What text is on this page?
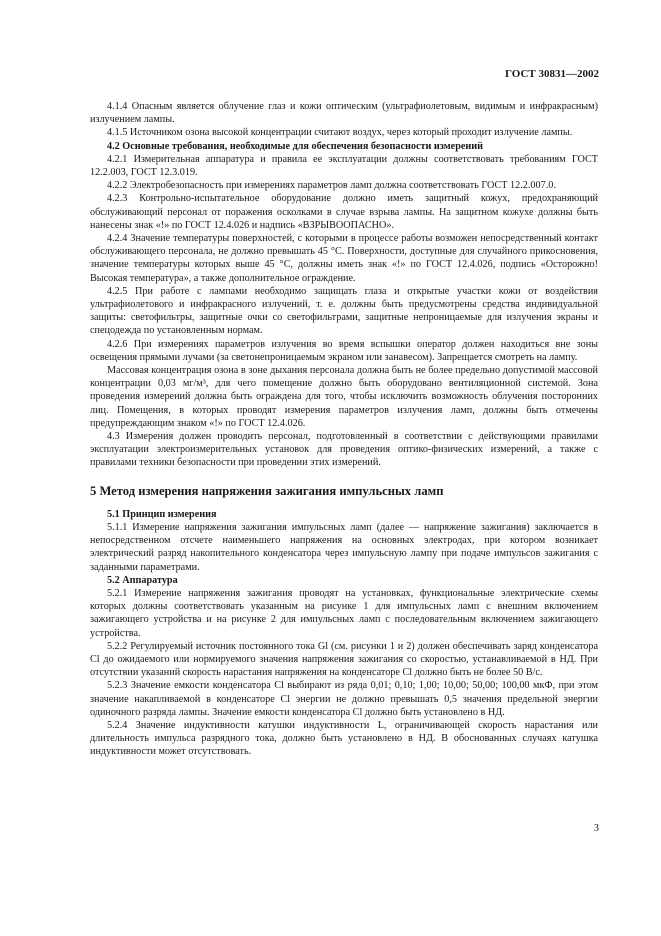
ГОСТ 30831—2002

4.1.4 Опасным является облучение глаз и кожи оптическим (ультрафиолетовым, видимым и инфракрасным) излучением лампы.

4.1.5 Источником озона высокой концентрации считают воздух, через который проходит излучение лампы.

4.2 Основные требования, необходимые для обеспечения безопасности измерений

4.2.1 Измерительная аппаратура и правила ее эксплуатации должны соответствовать требованиям ГОСТ 12.2.003, ГОСТ 12.3.019.

4.2.2 Электробезопасность при измерениях параметров ламп должна соответствовать ГОСТ 12.2.007.0.

4.2.3 Контрольно-испытательное оборудование должно иметь защитный кожух, предохраняющий обслуживающий персонал от поражения осколками в случае взрыва лампы. На защитном кожухе должны быть нанесены знак «!» по ГОСТ 12.4.026 и надпись «ВЗРЫВООПАСНО».

4.2.4 Значение температуры поверхностей, с которыми в процессе работы возможен непосредственный контакт обслуживающего персонала, не должно превышать 45 °С. Поверхности, доступные для случайного прикосновения, значение температуры которых выше 45 °С, должны иметь знак «!» по ГОСТ 12.4.026, подпись «Осторожно! Высокая температура», а также дополнительное ограждение.

4.2.5 При работе с лампами необходимо защищать глаза и открытые участки кожи от воздействия ультрафиолетового и инфракрасного излучений, т. е. должны быть предусмотрены средства индивидуальной защиты: светофильтры, защитные очки со светофильтрами, защитные непроницаемые для излучения экраны и спецодежда по установленным нормам.

4.2.6 При измерениях параметров излучения во время вспышки оператор должен находиться вне зоны освещения прямыми лучами (за светонепроницаемым экраном или занавесом). Запрещается смотреть на лампу.

Массовая концентрация озона в зоне дыхания персонала должна быть не более предельно допустимой массовой концентрации 0,03 мг/м³, для чего помещение должно быть оборудовано вентиляционной системой. Зона проведения измерений должна быть ограждена для того, чтобы исключить возможность облучения посторонних лиц. Помещения, в которых проводят измерения параметров излучения ламп, должны быть отмечены предупреждающим знаком «!» по ГОСТ 12.4.026.

4.3 Измерения должен проводить персонал, подготовленный в соответствии с действующими правилами эксплуатации электроизмерительных установок для проведения оптико-физических измерений, а также с правилами техники безопасности при проведении этих измерений.

5 Метод измерения напряжения зажигания импульсных ламп

5.1 Принцип измерения

5.1.1 Измерение напряжения зажигания импульсных ламп (далее — напряжение зажигания) заключается в непосредственном отсчете наименьшего напряжения на основных электродах, при котором возникает электрический разряд накопительного конденсатора через импульсную лампу при подаче импульсов зажигания с заданными параметрами.

5.2 Аппаратура

5.2.1 Измерение напряжения зажигания проводят на установках, функциональные электрические схемы которых должны соответствовать указанным на рисунке 1 для импульсных ламп с внешним включением зажигающего устройства и на рисунке 2 для импульсных ламп с последовательным включением зажигающего устройства.

5.2.2 Регулируемый источник постоянного тока Gl (см. рисунки 1 и 2) должен обеспечивать заряд конденсатора Cl до ожидаемого или нормируемого значения напряжения зажигания со скоростью, устанавливаемой в НД. При отсутствии указаний скорость нарастания напряжения на конденсаторе Cl должно быть не более 50 В/с.

5.2.3 Значение емкости конденсатора Cl выбирают из ряда 0,01; 0,10; 1,00; 10,00; 50,00; 100,00 мкФ, при этом значение накапливаемой в конденсаторе Cl энергии не должно превышать 0,5 значения предельной энергии одиночного разряда лампы. Значение емкости конденсатора Cl должно быть установлено в НД.

5.2.4 Значение индуктивности катушки индуктивности L, ограничивающей скорость нарастания или длительность импульса разрядного тока, должно быть установлено в НД. В обоснованных случаях катушка индуктивности может отсутствовать.

3
